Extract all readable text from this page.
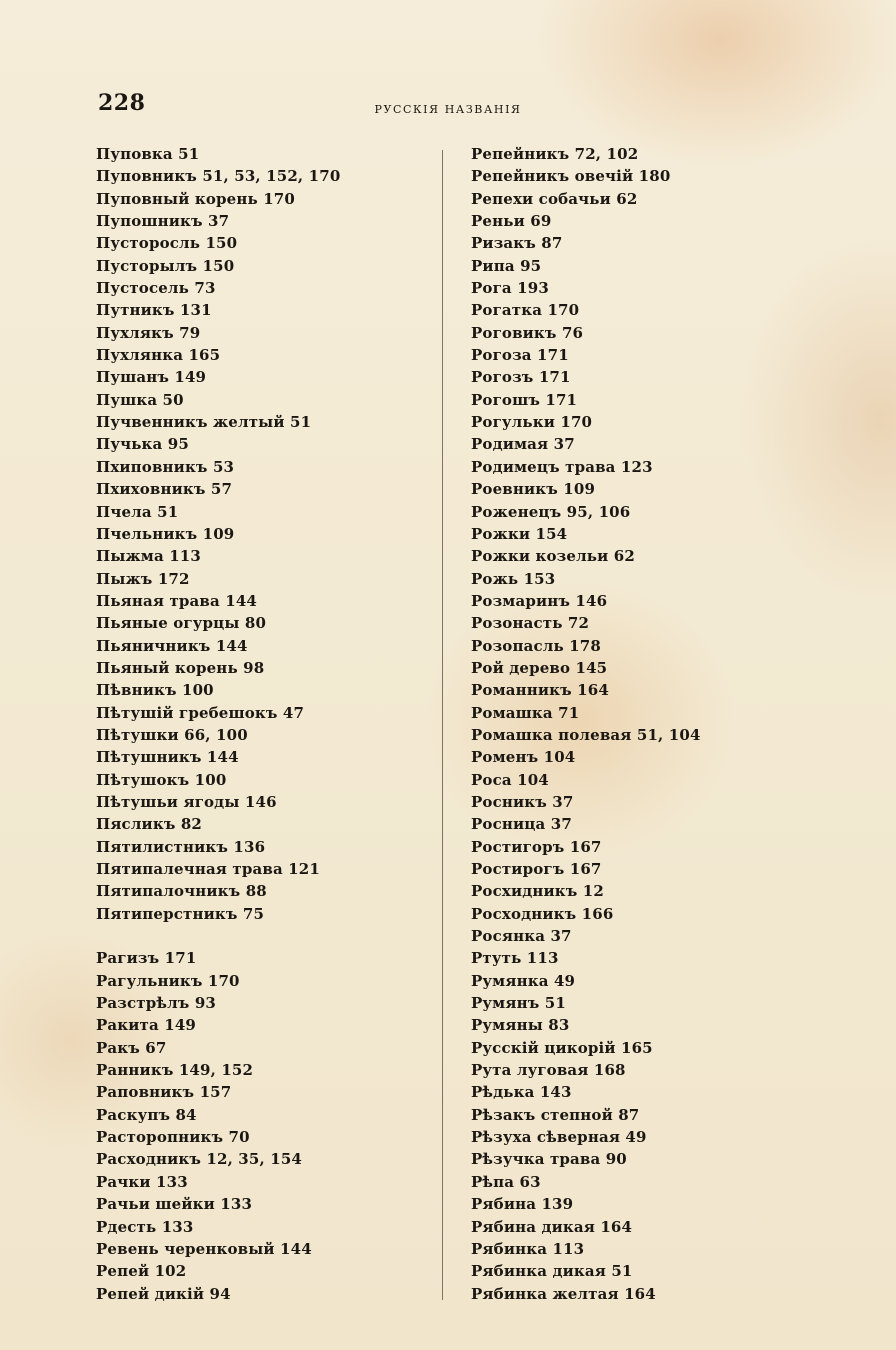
228	РУССКІЯ НАЗВАНІЯ
Пуповка 51
Пуповникъ 51, 53, 152, 170
Пуповный корень 170
Пупошникъ 37
Пусторосль 150
Пусторылъ 150
Пустосель 73
Путникъ 131
Пухлякъ 79
Пухлянка 165
Пушанъ 149
Пушка 50
Пучвенникъ желтый 51
Пучька 95
Пхиповникъ 53
Пхиховникъ 57
Пчела 51
Пчельникъ 109
Пыжма 113
Пыжъ 172
Пьяная трава 144
Пьяные огурцы 80
Пьяничникъ 144
Пьяный корень 98
Пѣвникъ 100
Пѣтушій гребешокъ 47
Пѣтушки 66, 100
Пѣтушникъ 144
Пѣтушокъ 100
Пѣтушьи ягоды 146
Пясликъ 82
Пятилистникъ 136
Пятипалечная трава 121
Пятипалочникъ 88
Пятиперстникъ 75
Рагизъ 171
Рагульникъ 170
Разстрѣлъ 93
Ракита 149
Ракъ 67
Ранникъ 149, 152
Раповникъ 157
Раскупъ 84
Расторопникъ 70
Расходникъ 12, 35, 154
Рачки 133
Рачьи шейки 133
Рдесть 133
Ревень черенковый 144
Репей 102
Репей дикій 94
Репейникъ 72, 102
Репейникъ овечій 180
Репехи собачьи 62
Реньи 69
Ризакъ 87
Рипа 95
Рога 193
Рогатка 170
Роговикъ 76
Рогоза 171
Рогозъ 171
Рогошъ 171
Рогульки 170
Родимая 37
Родимецъ трава 123
Роевникъ 109
Роженецъ 95, 106
Рожки 154
Рожки козельи 62
Рожь 153
Розмаринъ 146
Розонасть 72
Розопасль 178
Рой дерево 145
Романникъ 164
Ромашка 71
Ромашка полевая 51, 104
Роменъ 104
Роса 104
Росникъ 37
Росница 37
Ростигоръ 167
Ростирогъ 167
Росхидникъ 12
Росходникъ 166
Росянка 37
Ртуть 113
Румянка 49
Румянъ 51
Румяны 83
Русскій цикорій 165
Рута луговая 168
Рѣдька 143
Рѣзакъ степной 87
Рѣзуха сѣверная 49
Рѣзучка трава 90
Рѣпа 63
Рябина 139
Рябина дикая 164
Рябинка 113
Рябинка дикая 51
Рябинка желтая 164
